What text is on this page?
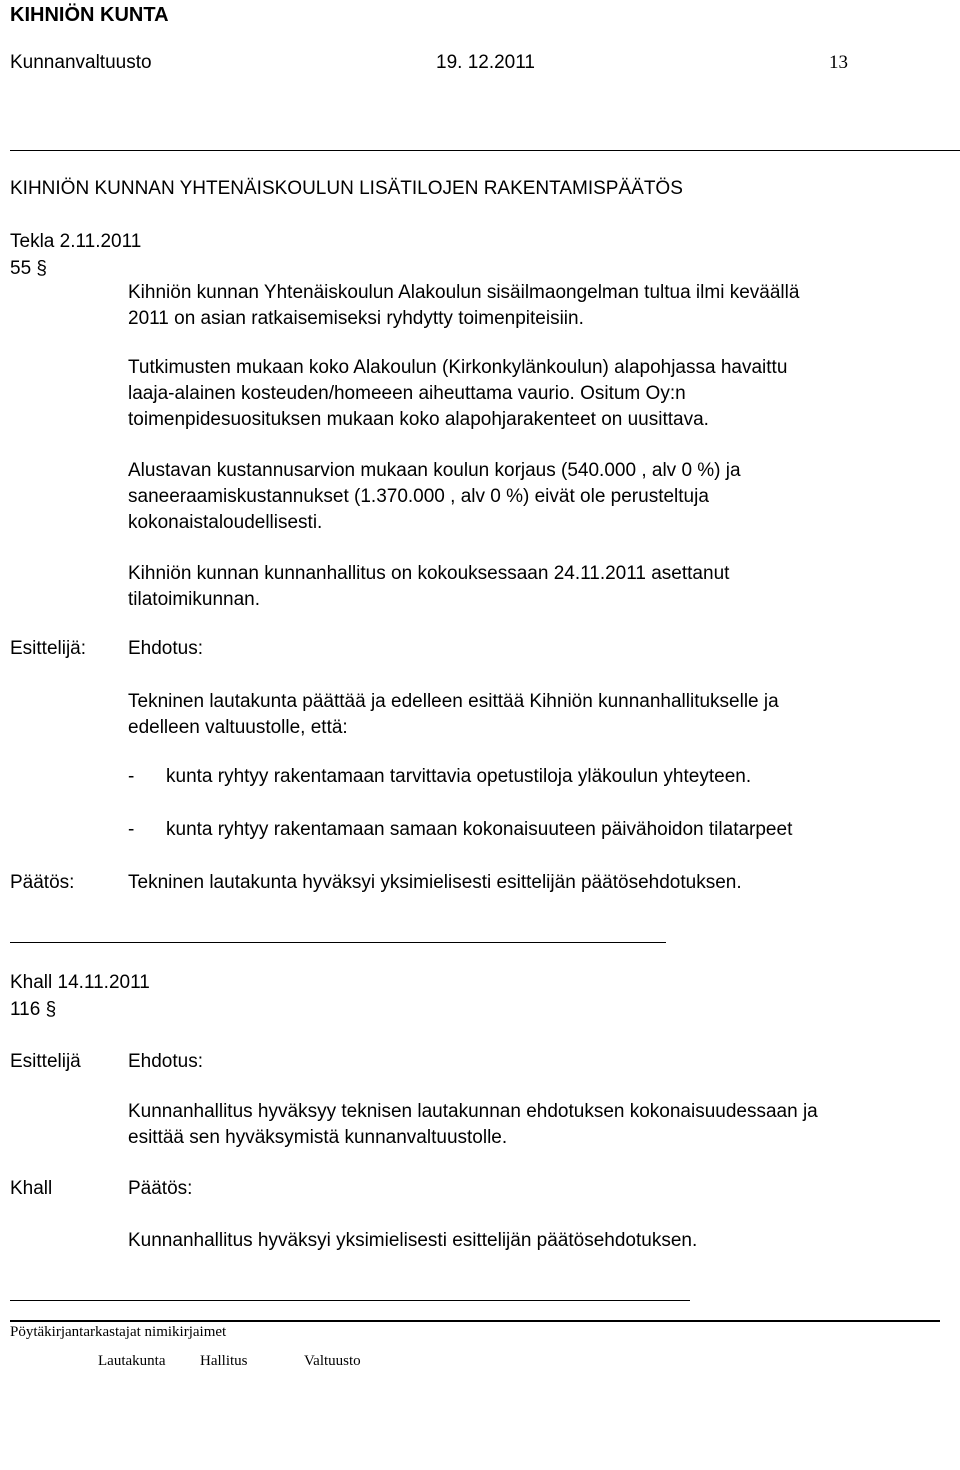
KIHNIÖN KUNTA
Kunnanvaltuusto	19. 12.2011	13
KIHNIÖN KUNNAN YHTENÄISKOULUN LISÄTILOJEN RAKENTAMISPÄÄTÖS
Tekla 2.11.2011
55 §
Kihniön kunnan Yhtenäiskoulun Alakoulun sisäilmaongelman tultua ilmi keväällä
2011 on asian ratkaisemiseksi ryhdytty toimenpiteisiin.
Tutkimusten mukaan koko Alakoulun (Kirkonkylänkoulun) alapohjassa havaittu
laaja-alainen kosteuden/homeeen aiheuttama vaurio. Ositum Oy:n
toimenpidesuosituksen mukaan koko alapohjarakenteet on uusittava.
Alustavan kustannusarvion mukaan koulun korjaus (540.000 , alv 0 %) ja
saneeraamiskustannukset (1.370.000 , alv 0 %) eivät ole perusteltuja
kokonaistaloudellisesti.
Kihniön kunnan kunnanhallitus on kokouksessaan 24.11.2011 asettanut
tilatoimikunnan.
Esittelijä: Ehdotus:
Tekninen lautakunta päättää ja edelleen esittää Kihniön kunnanhallitukselle ja
edelleen valtuustolle, että:
- kunta ryhtyy rakentamaan tarvittavia opetustiloja yläkoulun yhteyteen.
- kunta ryhtyy rakentamaan samaan kokonaisuuteen päivähoidon tilatarpeet
Päätös:	Tekninen lautakunta hyväksyi yksimielisesti esittelijän päätösehdotuksen.
Khall 14.11.2011
116 §
Esittelijä Ehdotus:
Kunnanhallitus hyväksyy teknisen lautakunnan ehdotuksen kokonaisuudessaan ja
esittää sen hyväksymistä kunnanvaltuustolle.
Khall	Päätös:
Kunnanhallitus hyväksyi yksimielisesti esittelijän päätösehdotuksen.
Pöytäkirjantarkastajat nimikirjaimet
Lautakunta Hallitus	Valtuusto
